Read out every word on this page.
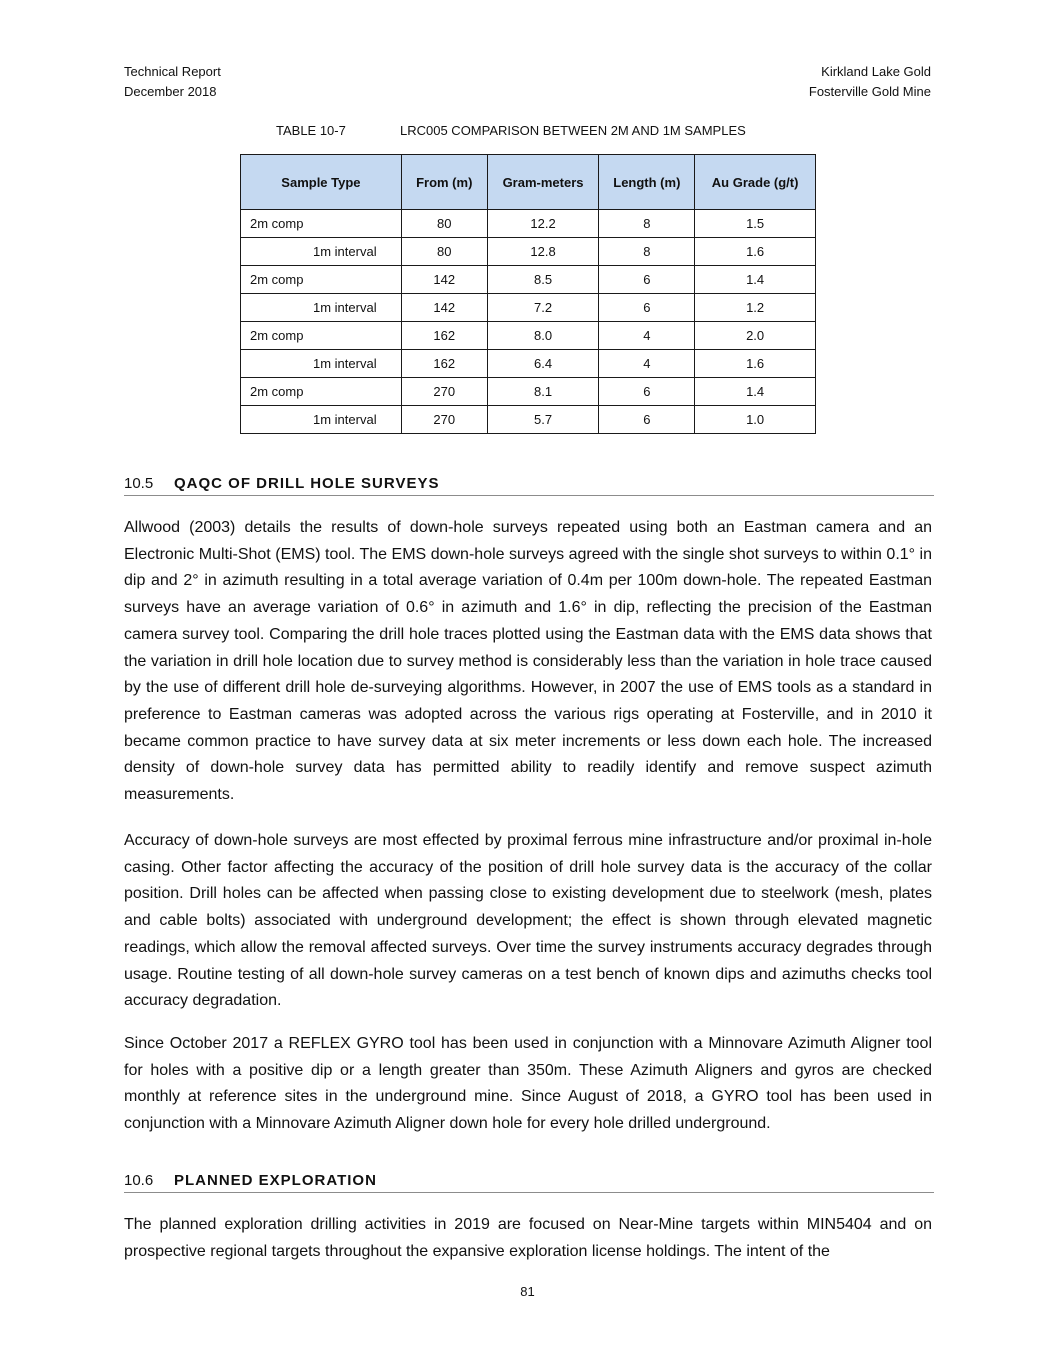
Technical Report
December 2018
Kirkland Lake Gold
Fosterville Gold Mine
TABLE 10-7	LRC005 COMPARISON BETWEEN 2M AND 1M SAMPLES
Sample Type	From (m)	Gram-meters	Length (m)	Au Grade (g/t)
2m comp	80	12.2	8	1.5
1m interval	80	12.8	8	1.6
2m comp	142	8.5	6	1.4
1m interval	142	7.2	6	1.2
2m comp	162	8.0	4	2.0
1m interval	162	6.4	4	1.6
2m comp	270	8.1	6	1.4
1m interval	270	5.7	6	1.0
10.5 QAQC OF DRILL HOLE SURVEYS

Allwood (2003) details the results of down-hole surveys repeated using both an Eastman camera and an Electronic Multi-Shot (EMS) tool. The EMS down-hole surveys agreed with the single shot surveys to within 0.1° in dip and 2° in azimuth resulting in a total average variation of 0.4m per 100m down-hole. The repeated Eastman surveys have an average variation of 0.6° in azimuth and 1.6° in dip, reflecting the precision of the Eastman camera survey tool. Comparing the drill hole traces plotted using the Eastman data with the EMS data shows that the variation in drill hole location due to survey method is considerably less than the variation in hole trace caused by the use of different drill hole de-surveying algorithms. However, in 2007 the use of EMS tools as a standard in preference to Eastman cameras was adopted across the various rigs operating at Fosterville, and in 2010 it became common practice to have survey data at six meter increments or less down each hole. The increased density of down-hole survey data has permitted ability to readily identify and remove suspect azimuth measurements.

Accuracy of down-hole surveys are most effected by proximal ferrous mine infrastructure and/or proximal in-hole casing. Other factor affecting the accuracy of the position of drill hole survey data is the accuracy of the collar position. Drill holes can be affected when passing close to existing development due to steelwork (mesh, plates and cable bolts) associated with underground development; the effect is shown through elevated magnetic readings, which allow the removal affected surveys. Over time the survey instruments accuracy degrades through usage. Routine testing of all down-hole survey cameras on a test bench of known dips and azimuths checks tool accuracy degradation.

Since October 2017 a REFLEX GYRO tool has been used in conjunction with a Minnovare Azimuth Aligner tool for holes with a positive dip or a length greater than 350m. These Azimuth Aligners and gyros are checked monthly at reference sites in the underground mine. Since August of 2018, a GYRO tool has been used in conjunction with a Minnovare Azimuth Aligner down hole for every hole drilled underground.

10.6 PLANNED EXPLORATION

The planned exploration drilling activities in 2019 are focused on Near-Mine targets within MIN5404 and on prospective regional targets throughout the expansive exploration license holdings. The intent of the

81
